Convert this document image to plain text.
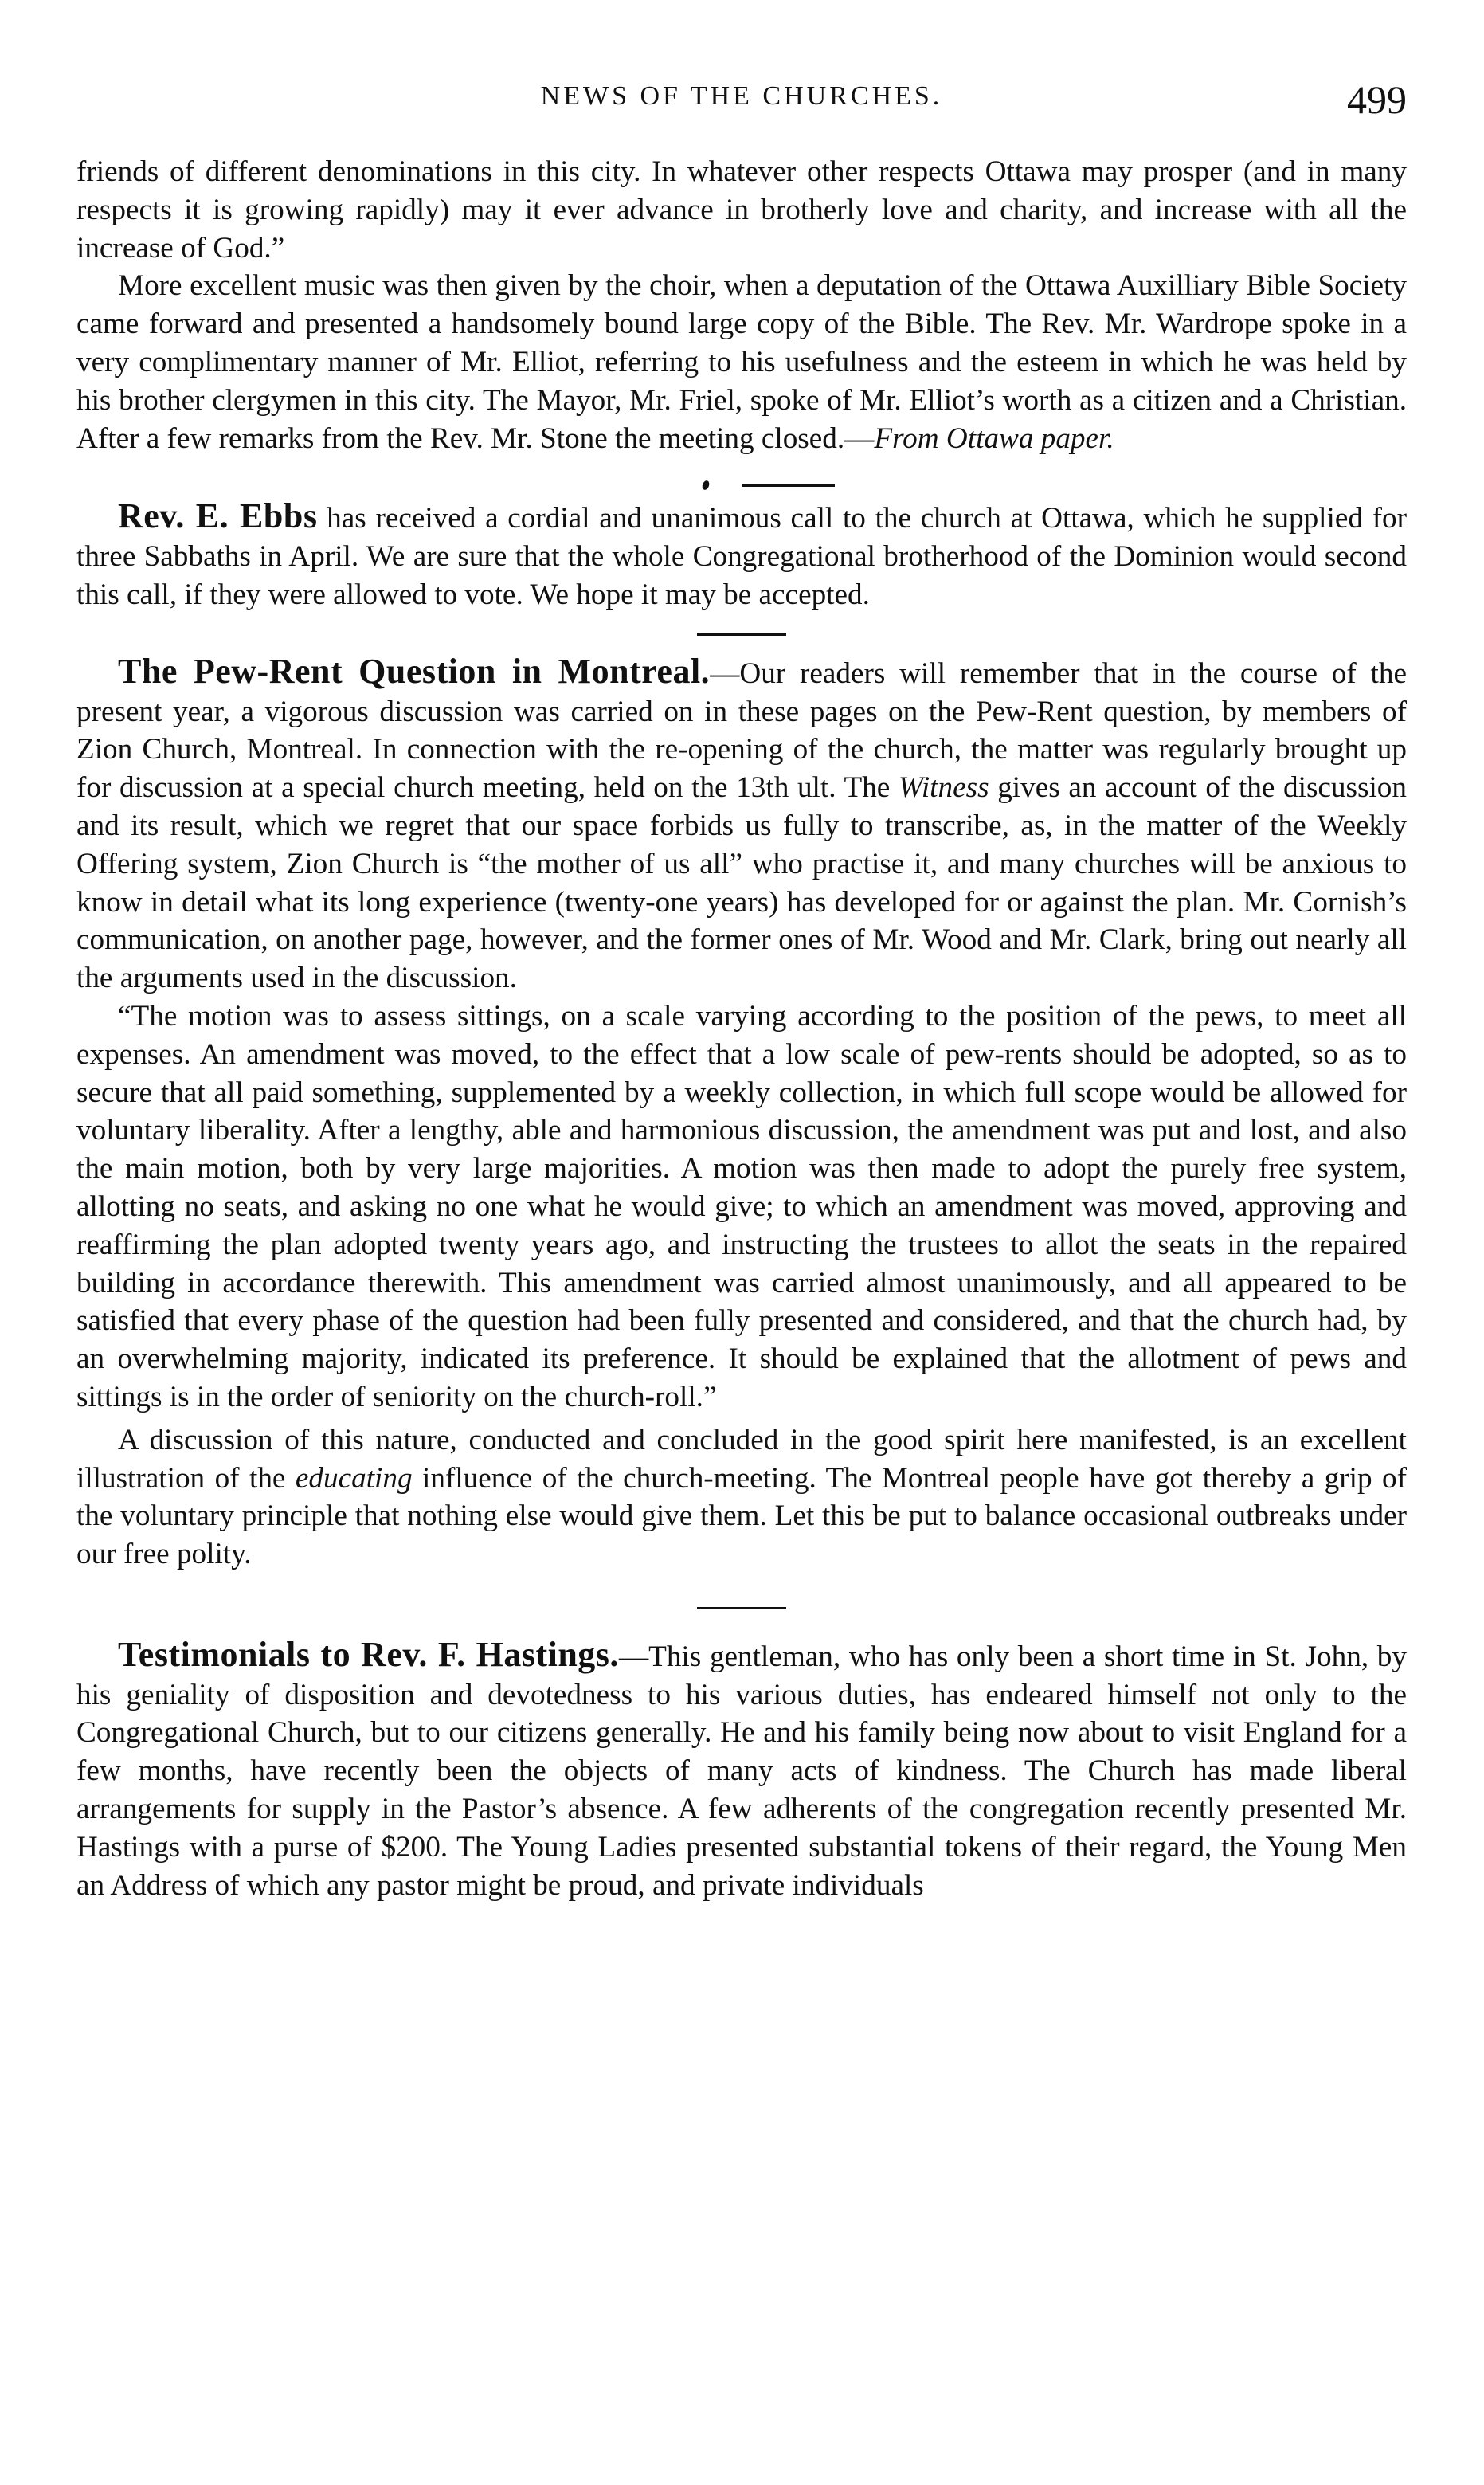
NEWS OF THE CHURCHES.	499

friends of different denominations in this city. In whatever other respects Ottawa may prosper (and in many respects it is growing rapidly) may it ever advance in brotherly love and charity, and increase with all the increase of God.”

More excellent music was then given by the choir, when a deputation of the Ottawa Auxilliary Bible Society came forward and presented a handsomely bound large copy of the Bible. The Rev. Mr. Wardrope spoke in a very complimentary manner of Mr. Elliot, referring to his usefulness and the esteem in which he was held by his brother clergymen in this city. The Mayor, Mr. Friel, spoke of Mr. Elliot’s worth as a citizen and a Christian. After a few remarks from the Rev. Mr. Stone the meeting closed.—From Ottawa paper.

Rev. E. Ebbs has received a cordial and unanimous call to the church at Ottawa, which he supplied for three Sabbaths in April. We are sure that the whole Congregational brotherhood of the Dominion would second this call, if they were allowed to vote. We hope it may be accepted.

The Pew-Rent Question in Montreal.—Our readers will remember that in the course of the present year, a vigorous discussion was carried on in these pages on the Pew-Rent question, by members of Zion Church, Montreal. In connection with the re-opening of the church, the matter was regularly brought up for discussion at a special church meeting, held on the 13th ult. The Witness gives an account of the discussion and its result, which we regret that our space forbids us fully to transcribe, as, in the matter of the Weekly Offering system, Zion Church is “the mother of us all” who practise it, and many churches will be anxious to know in detail what its long experience (twenty-one years) has developed for or against the plan. Mr. Cornish’s communication, on another page, however, and the former ones of Mr. Wood and Mr. Clark, bring out nearly all the arguments used in the discussion.

“The motion was to assess sittings, on a scale varying according to the position of the pews, to meet all expenses. An amendment was moved, to the effect that a low scale of pew-rents should be adopted, so as to secure that all paid something, supplemented by a weekly collection, in which full scope would be allowed for voluntary liberality. After a lengthy, able and harmonious discussion, the amendment was put and lost, and also the main motion, both by very large majorities. A motion was then made to adopt the purely free system, allotting no seats, and asking no one what he would give; to which an amendment was moved, approving and reaffirming the plan adopted twenty years ago, and instructing the trustees to allot the seats in the repaired building in accordance therewith. This amendment was carried almost unanimously, and all appeared to be satisfied that every phase of the question had been fully presented and considered, and that the church had, by an overwhelming majority, indicated its preference. It should be explained that the allotment of pews and sittings is in the order of seniority on the church-roll.”

A discussion of this nature, conducted and concluded in the good spirit here manifested, is an excellent illustration of the educating influence of the church-meeting. The Montreal people have got thereby a grip of the voluntary principle that nothing else would give them. Let this be put to balance occasional outbreaks under our free polity.

Testimonials to Rev. F. Hastings.—This gentleman, who has only been a short time in St. John, by his geniality of disposition and devotedness to his various duties, has endeared himself not only to the Congregational Church, but to our citizens generally. He and his family being now about to visit England for a few months, have recently been the objects of many acts of kindness. The Church has made liberal arrangements for supply in the Pastor’s absence. A few adherents of the congregation recently presented Mr. Hastings with a purse of $200. The Young Ladies presented substantial tokens of their regard, the Young Men an Address of which any pastor might be proud, and private individuals
